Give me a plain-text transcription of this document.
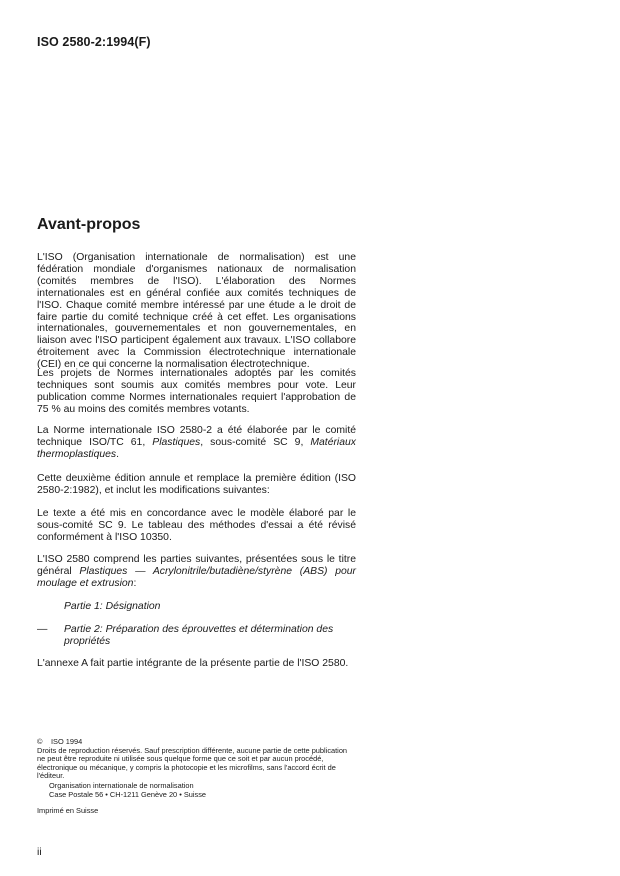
ISO 2580-2:1994(F)
Avant-propos

L'ISO (Organisation internationale de normalisation) est une fédération mondiale d'organismes nationaux de normalisation (comités membres de l'ISO). L'élaboration des Normes internationales est en général confiée aux comités techniques de l'ISO. Chaque comité membre intéressé par une étude a le droit de faire partie du comité technique créé à cet effet. Les organisations internationales, gouvernementales et non gouvernementales, en liaison avec l'ISO participent également aux travaux. L'ISO collabore étroitement avec la Commission électrotechnique internationale (CEI) en ce qui concerne la normalisation électrotechnique.

Les projets de Normes internationales adoptés par les comités techniques sont soumis aux comités membres pour vote. Leur publication comme Normes internationales requiert l'approbation de 75 % au moins des comités membres votants.

La Norme internationale ISO 2580-2 a été élaborée par le comité technique ISO/TC 61, Plastiques, sous-comité SC 9, Matériaux thermoplastiques.

Cette deuxième édition annule et remplace la première édition (ISO 2580-2:1982), et inclut les modifications suivantes:

Le texte a été mis en concordance avec le modèle élaboré par le sous-comité SC 9. Le tableau des méthodes d'essai a été révisé conformément à l'ISO 10350.

L'ISO 2580 comprend les parties suivantes, présentées sous le titre général Plastiques — Acrylonitrile/butadiène/styrène (ABS) pour moulage et extrusion:

Partie 1: Désignation

— Partie 2: Préparation des éprouvettes et détermination des propriétés

L'annexe A fait partie intégrante de la présente partie de l'ISO 2580.

© ISO 1994
Droits de reproduction réservés. Sauf prescription différente, aucune partie de cette publication ne peut être reproduite ni utilisée sous quelque forme que ce soit et par aucun procédé, électronique ou mécanique, y compris la photocopie et les microfilms, sans l'accord écrit de l'éditeur.

Organisation internationale de normalisation

Case Postale 56 • CH-1211 Genève 20 • Suisse

Imprimé en Suisse

ii
